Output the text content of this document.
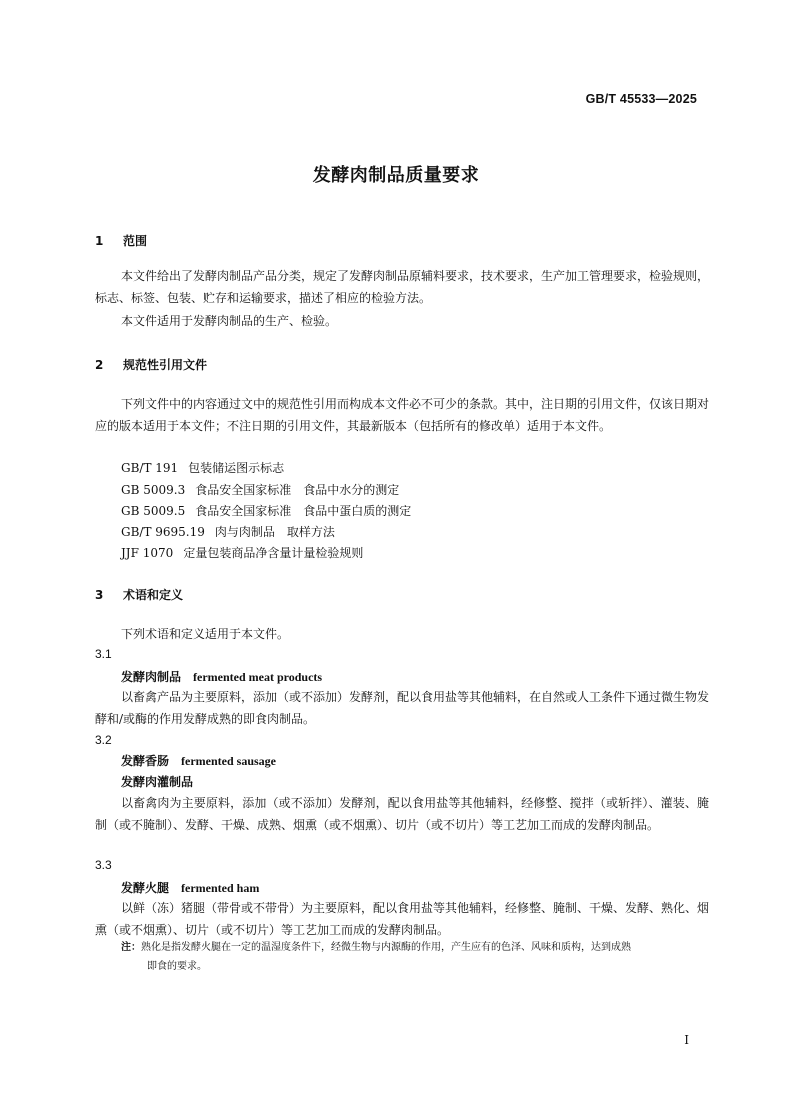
GB/T 45533—2025
发酵肉制品质量要求
1 范围
本文件给出了发酵肉制品产品分类，规定了发酵肉制品原辅料要求，技术要求，生产加工管理要求，检验规则，标志、标签、包装、贮存和运输要求，描述了相应的检验方法。
本文件适用于发酵肉制品的生产、检验。
2 规范性引用文件
下列文件中的内容通过文中的规范性引用而构成本文件必不可少的条款。其中，注日期的引用文件，仅该日期对应的版本适用于本文件；不注日期的引用文件，其最新版本（包括所有的修改单）适用于本文件。
GB/T 191 包装储运图示标志
GB 5009.3 食品安全国家标准　食品中水分的测定
GB 5009.5 食品安全国家标准　食品中蛋白质的测定
GB/T 9695.19 肉与肉制品　取样方法
JJF 1070 定量包装商品净含量计量检验规则
3 术语和定义
下列术语和定义适用于本文件。
3.1
发酵肉制品 fermented meat products
以畜禽产品为主要原料，添加（或不添加）发酵剂，配以食用盐等其他辅料，在自然或人工条件下通过微生物发酵和/或酶的作用发酵成熟的即食肉制品。
3.2
发酵香肠 fermented sausage
发酵肉灌制品
以畜禽肉为主要原料，添加（或不添加）发酵剂，配以食用盐等其他辅料，经修整、搅拌（或斩拌）、灌装、腌制（或不腌制）、发酵、干燥、成熟、烟熏（或不烟熏）、切片（或不切片）等工艺加工而成的发酵肉制品。
3.3
发酵火腿 fermented ham
以鲜（冻）猪腿（带骨或不带骨）为主要原料，配以食用盐等其他辅料，经修整、腌制、干燥、发酵、熟化、烟熏（或不烟熏）、切片（或不切片）等工艺加工而成的发酵肉制品。
注：熟化是指发酵火腿在一定的温湿度条件下，经微生物与内源酶的作用，产生应有的色泽、风味和质构，达到成熟
即食的要求。
I
